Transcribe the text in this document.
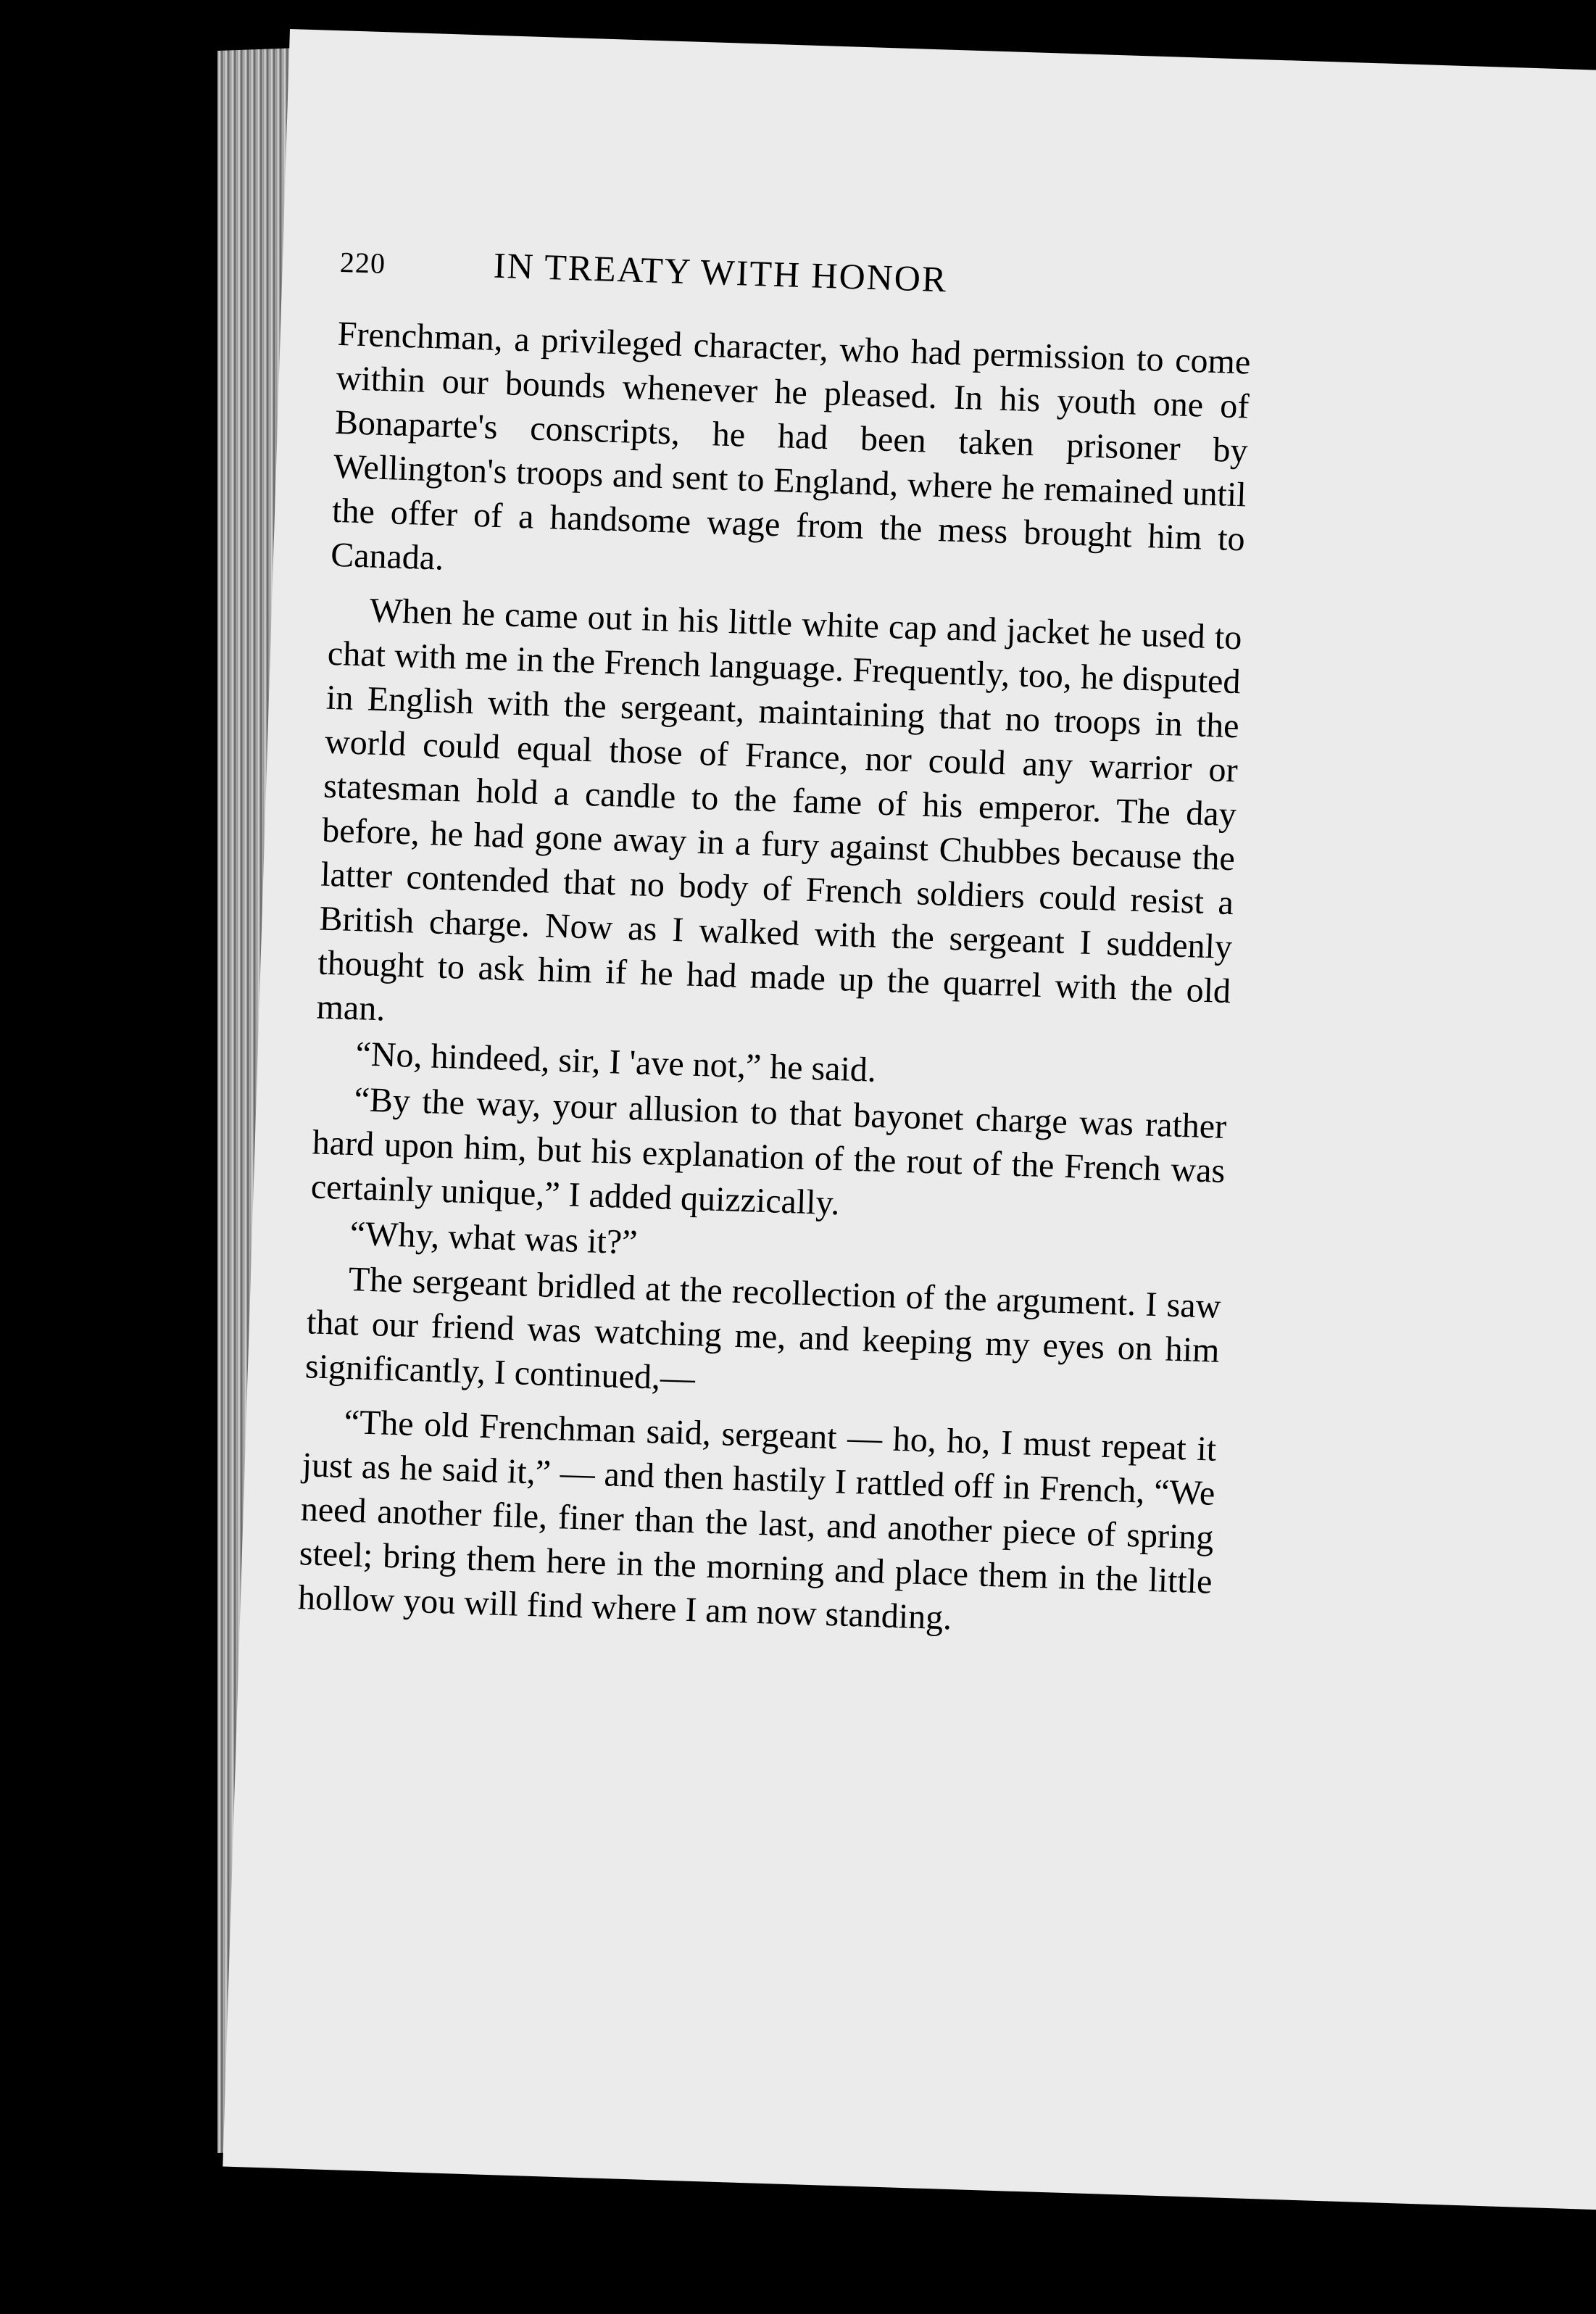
220	IN TREATY WITH HONOR

Frenchman, a privileged character, who had permission to come within our bounds whenever he pleased. In his youth one of Bonaparte's conscripts, he had been taken prisoner by Wellington's troops and sent to England, where he remained until the offer of a handsome wage from the mess brought him to Canada.

When he came out in his little white cap and jacket he used to chat with me in the French language. Frequently, too, he disputed in English with the sergeant, maintaining that no troops in the world could equal those of France, nor could any warrior or statesman hold a candle to the fame of his emperor. The day before, he had gone away in a fury against Chubbes because the latter contended that no body of French soldiers could resist a British charge. Now as I walked with the sergeant I suddenly thought to ask him if he had made up the quarrel with the old man.

“No, hindeed, sir, I 'ave not,” he said.

“By the way, your allusion to that bayonet charge was rather hard upon him, but his explanation of the rout of the French was certainly unique,” I added quizzically.

“Why, what was it?”

The sergeant bridled at the recollection of the argument. I saw that our friend was watching me, and keeping my eyes on him significantly, I continued,—

“The old Frenchman said, sergeant — ho, ho, I must repeat it just as he said it,” — and then hastily I rattled off in French, “We need another file, finer than the last, and another piece of spring steel; bring them here in the morning and place them in the little hollow you will find where I am now standing.
